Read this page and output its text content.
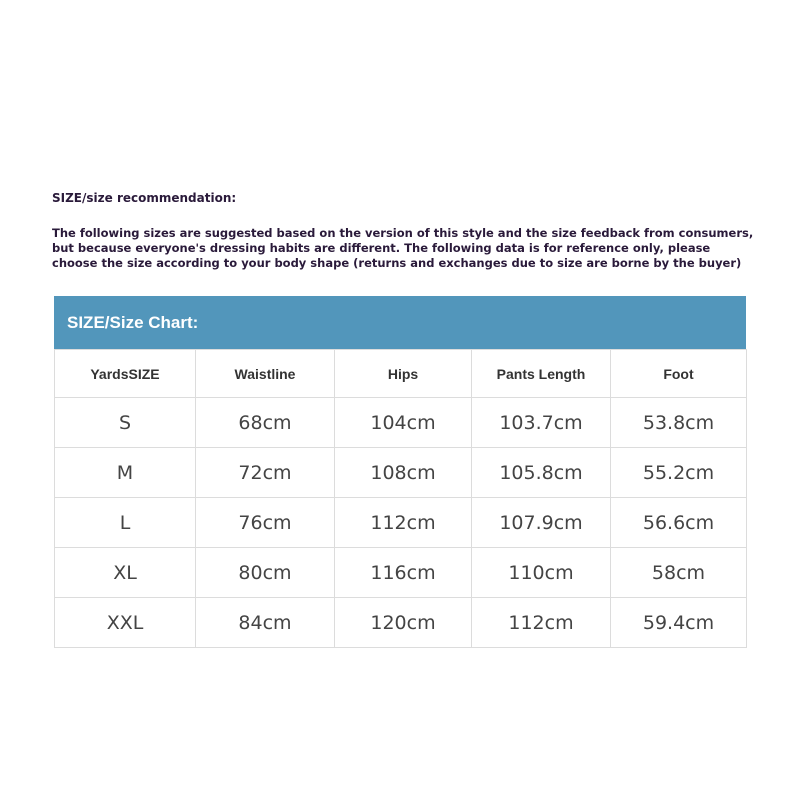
SIZE/size recommendation:
The following sizes are suggested based on the version of this style and the size feedback from consumers,
but because everyone's dressing habits are different. The following data is for reference only, please
choose the size according to your body shape (returns and exchanges due to size are borne by the buyer)
SIZE/Size Chart:
YardsSIZE	Waistline	Hips	Pants Length	Foot
S	68cm	104cm	103.7cm	53.8cm
M	72cm	108cm	105.8cm	55.2cm
L	76cm	112cm	107.9cm	56.6cm
XL	80cm	116cm	110cm	58cm
XXL	84cm	120cm	112cm	59.4cm
